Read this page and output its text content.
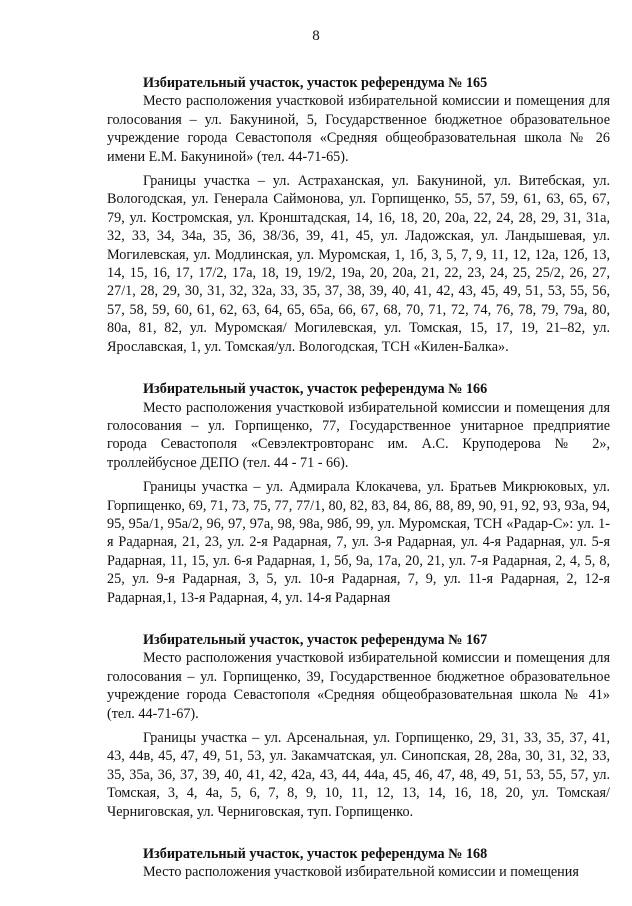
8

Избирательный участок, участок референдума № 165

Место расположения участковой избирательной комиссии и помещения для голосования – ул. Бакуниной, 5, Государственное бюджетное образовательное учреждение города Севастополя «Средняя общеобразовательная школа № 26 имени Е.М. Бакуниной» (тел. 44-71-65).

Границы участка – ул. Астраханская, ул. Бакуниной, ул. Витебская, ул. Вологодская, ул. Генерала Саймонова, ул. Горпищенко, 55, 57, 59, 61, 63, 65, 67, 79, ул. Костромская, ул. Кронштадская, 14, 16, 18, 20, 20а, 22, 24, 28, 29, 31, 31а, 32, 33, 34, 34а, 35, 36, 38/36, 39, 41, 45, ул. Ладожская, ул. Ландышевая, ул. Могилевская, ул. Модлинская, ул. Муромская, 1, 1б, 3, 5, 7, 9, 11, 12, 12а, 12б, 13, 14, 15, 16, 17, 17/2, 17а, 18, 19, 19/2, 19а, 20, 20а, 21, 22, 23, 24, 25, 25/2, 26, 27, 27/1, 28, 29, 30, 31, 32, 32а, 33, 35, 37, 38, 39, 40, 41, 42, 43, 45, 49, 51, 53, 55, 56, 57, 58, 59, 60, 61, 62, 63, 64, 65, 65а, 66, 67, 68, 70, 71, 72, 74, 76, 78, 79, 79а, 80, 80а, 81, 82, ул. Муромская/ Могилевская, ул. Томская, 15, 17, 19, 21–82, ул. Ярославская, 1, ул. Томская/ул. Вологодская, ТСН «Килен-Балка».

Избирательный участок, участок референдума № 166

Место расположения участковой избирательной комиссии и помещения для голосования – ул. Горпищенко, 77, Государственное унитарное предприятие города Севастополя «Севэлектровторанс им. А.С. Круподерова № 2», троллейбусное ДЕПО (тел. 44 - 71 - 66).

Границы участка – ул. Адмирала Клокачева, ул. Братьев Микрюковых, ул. Горпищенко, 69, 71, 73, 75, 77, 77/1, 80, 82, 83, 84, 86, 88, 89, 90, 91, 92, 93, 93а, 94, 95, 95а/1, 95а/2, 96, 97, 97а, 98, 98а, 98б, 99, ул. Муромская, ТСН «Радар-С»: ул. 1-я Радарная, 21, 23, ул. 2-я Радарная, 7, ул. 3-я Радарная, ул. 4-я Радарная, ул. 5-я Радарная, 11, 15, ул. 6-я Радарная, 1, 5б, 9а, 17а, 20, 21, ул. 7-я Радарная, 2, 4, 5, 8, 25, ул. 9-я Радарная, 3, 5, ул. 10-я Радарная, 7, 9, ул. 11-я Радарная, 2, 12-я Радарная,1, 13-я Радарная, 4, ул. 14-я Радарная

Избирательный участок, участок референдума № 167

Место расположения участковой избирательной комиссии и помещения для голосования – ул. Горпищенко, 39, Государственное бюджетное образовательное учреждение города Севастополя «Средняя общеобразовательная школа № 41» (тел. 44-71-67).

Границы участка – ул. Арсенальная, ул. Горпищенко, 29, 31, 33, 35, 37, 41, 43, 44в, 45, 47, 49, 51, 53, ул. Закамчатская, ул. Синопская, 28, 28а, 30, 31, 32, 33, 35, 35а, 36, 37, 39, 40, 41, 42, 42а, 43, 44, 44а, 45, 46, 47, 48, 49, 51, 53, 55, 57, ул. Томская, 3, 4, 4а, 5, 6, 7, 8, 9, 10, 11, 12, 13, 14, 16, 18, 20, ул. Томская/Черниговская, ул. Черниговская, туп. Горпищенко.

Избирательный участок, участок референдума № 168

Место расположения участковой избирательной комиссии и помещения
